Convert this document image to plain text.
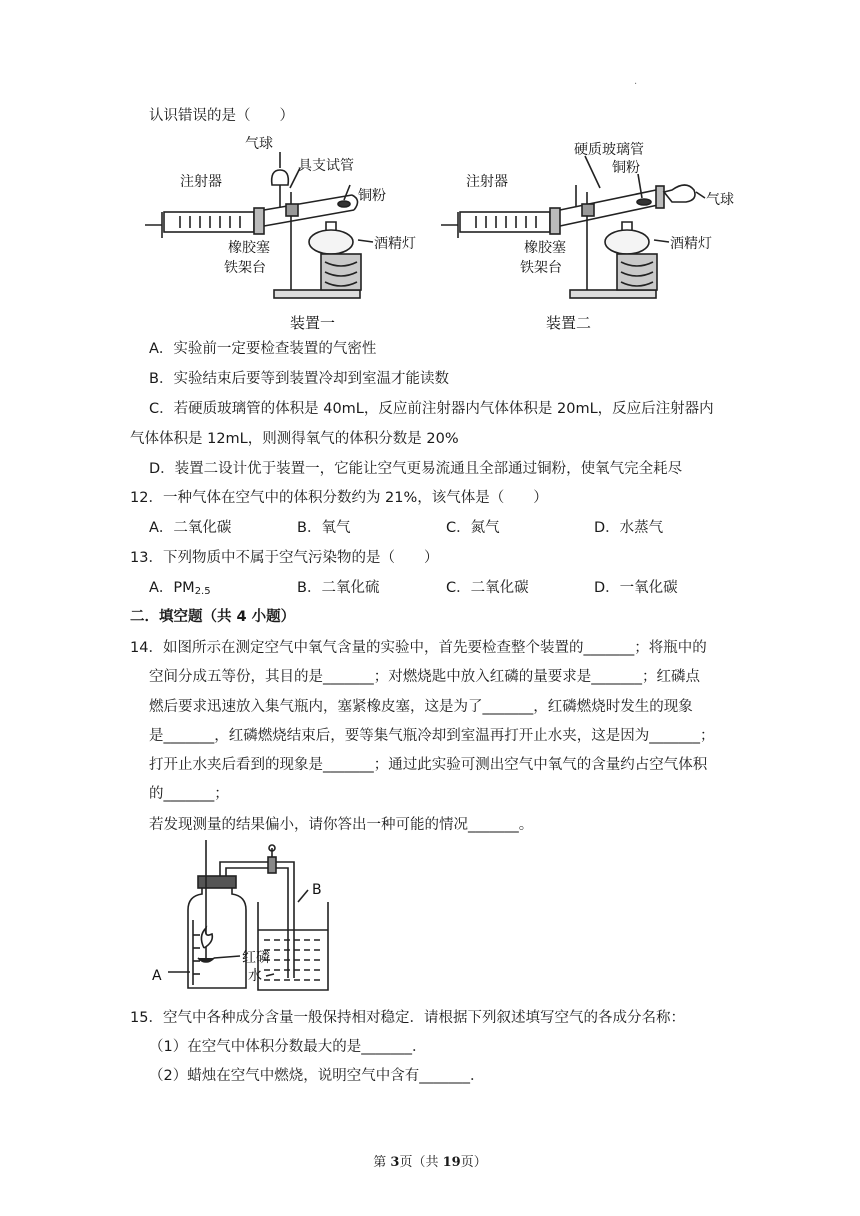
.
认识错误的是（　　）
气球
具支试管
注射器
铜粉
橡胶塞	酒精灯
铁架台
装置一
硬质玻璃管
铜粉
注射器
气球
橡胶塞	酒精灯
铁架台
装置二
A．实验前一定要检查装置的气密性
B．实验结束后要等到装置冷却到室温才能读数
C．若硬质玻璃管的体积是 40mL，反应前注射器内气体体积是 20mL，反应后注射器内
气体体积是 12mL，则测得氧气的体积分数是 20%
D．装置二设计优于装置一，它能让空气更易流通且全部通过铜粉，使氧气完全耗尽
12．一种气体在空气中的体积分数约为 21%，该气体是（　　）
A．二氧化碳	B．氧气	C．氮气	D．水蒸气
13．下列物质中不属于空气污染物的是（　　）
A．$PM_{2.5}$	B．二氧化硫	C．二氧化碳	D．一氧化碳
二．填空题（共 4 小题）
14．如图所示在测定空气中氧气含量的实验中，首先要检查整个装置的_______；将瓶中的
空间分成五等份，其目的是_______；对燃烧匙中放入红磷的量要求是_______；红磷点
燃后要求迅速放入集气瓶内，塞紧橡皮塞，这是为了_______，红磷燃烧时发生的现象
是_______，红磷燃烧结束后，要等集气瓶冷却到室温再打开止水夹，这是因为_______；
打开止水夹后看到的现象是_______；通过此实验可测出空气中氧气的含量约占空气体积
的_______；
若发现测量的结果偏小，请你答出一种可能的情况_______。
B
红磷
水
A
15．空气中各种成分含量一般保持相对稳定．请根据下列叙述填写空气的各成分名称：
（1）在空气中体积分数最大的是_______．
（2）蜡烛在空气中燃烧，说明空气中含有_______．
第 3页（共 19页）
